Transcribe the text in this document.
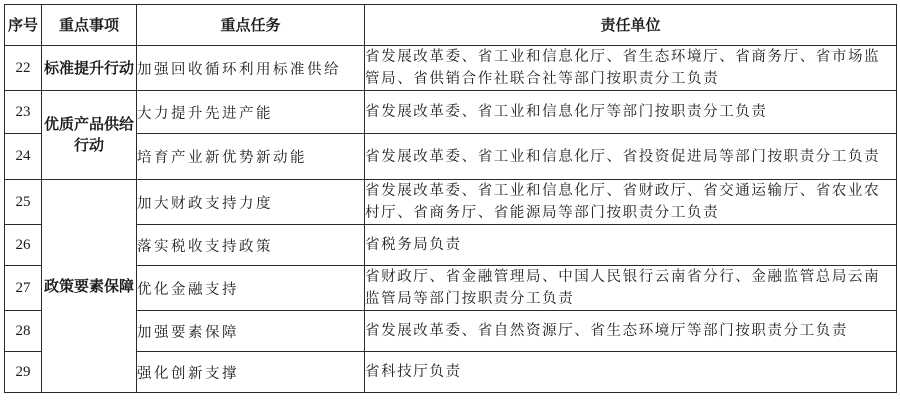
序号	重点事项	重点任务	责任单位
22	标准提升行动	加强回收循环利用标准供给	省发展改革委、省工业和信息化厅、省生态环境厅、省商务厅、省市场监管局、省供销合作社联合社等部门按职责分工负责
23	优质产品供给行动	大力提升先进产能	省发展改革委、省工业和信息化厅等部门按职责分工负责
24		培育产业新优势新动能	省发展改革委、省工业和信息化厅、省投资促进局等部门按职责分工负责
25	政策要素保障	加大财政支持力度	省发展改革委、省工业和信息化厅、省财政厅、省交通运输厅、省农业农村厅、省商务厅、省能源局等部门按职责分工负责
26		落实税收支持政策	省税务局负责
27		优化金融支持	省财政厅、省金融管理局、中国人民银行云南省分行、金融监管总局云南监管局等部门按职责分工负责
28		加强要素保障	省发展改革委、省自然资源厅、省生态环境厅等部门按职责分工负责
29		强化创新支撑	省科技厅负责
